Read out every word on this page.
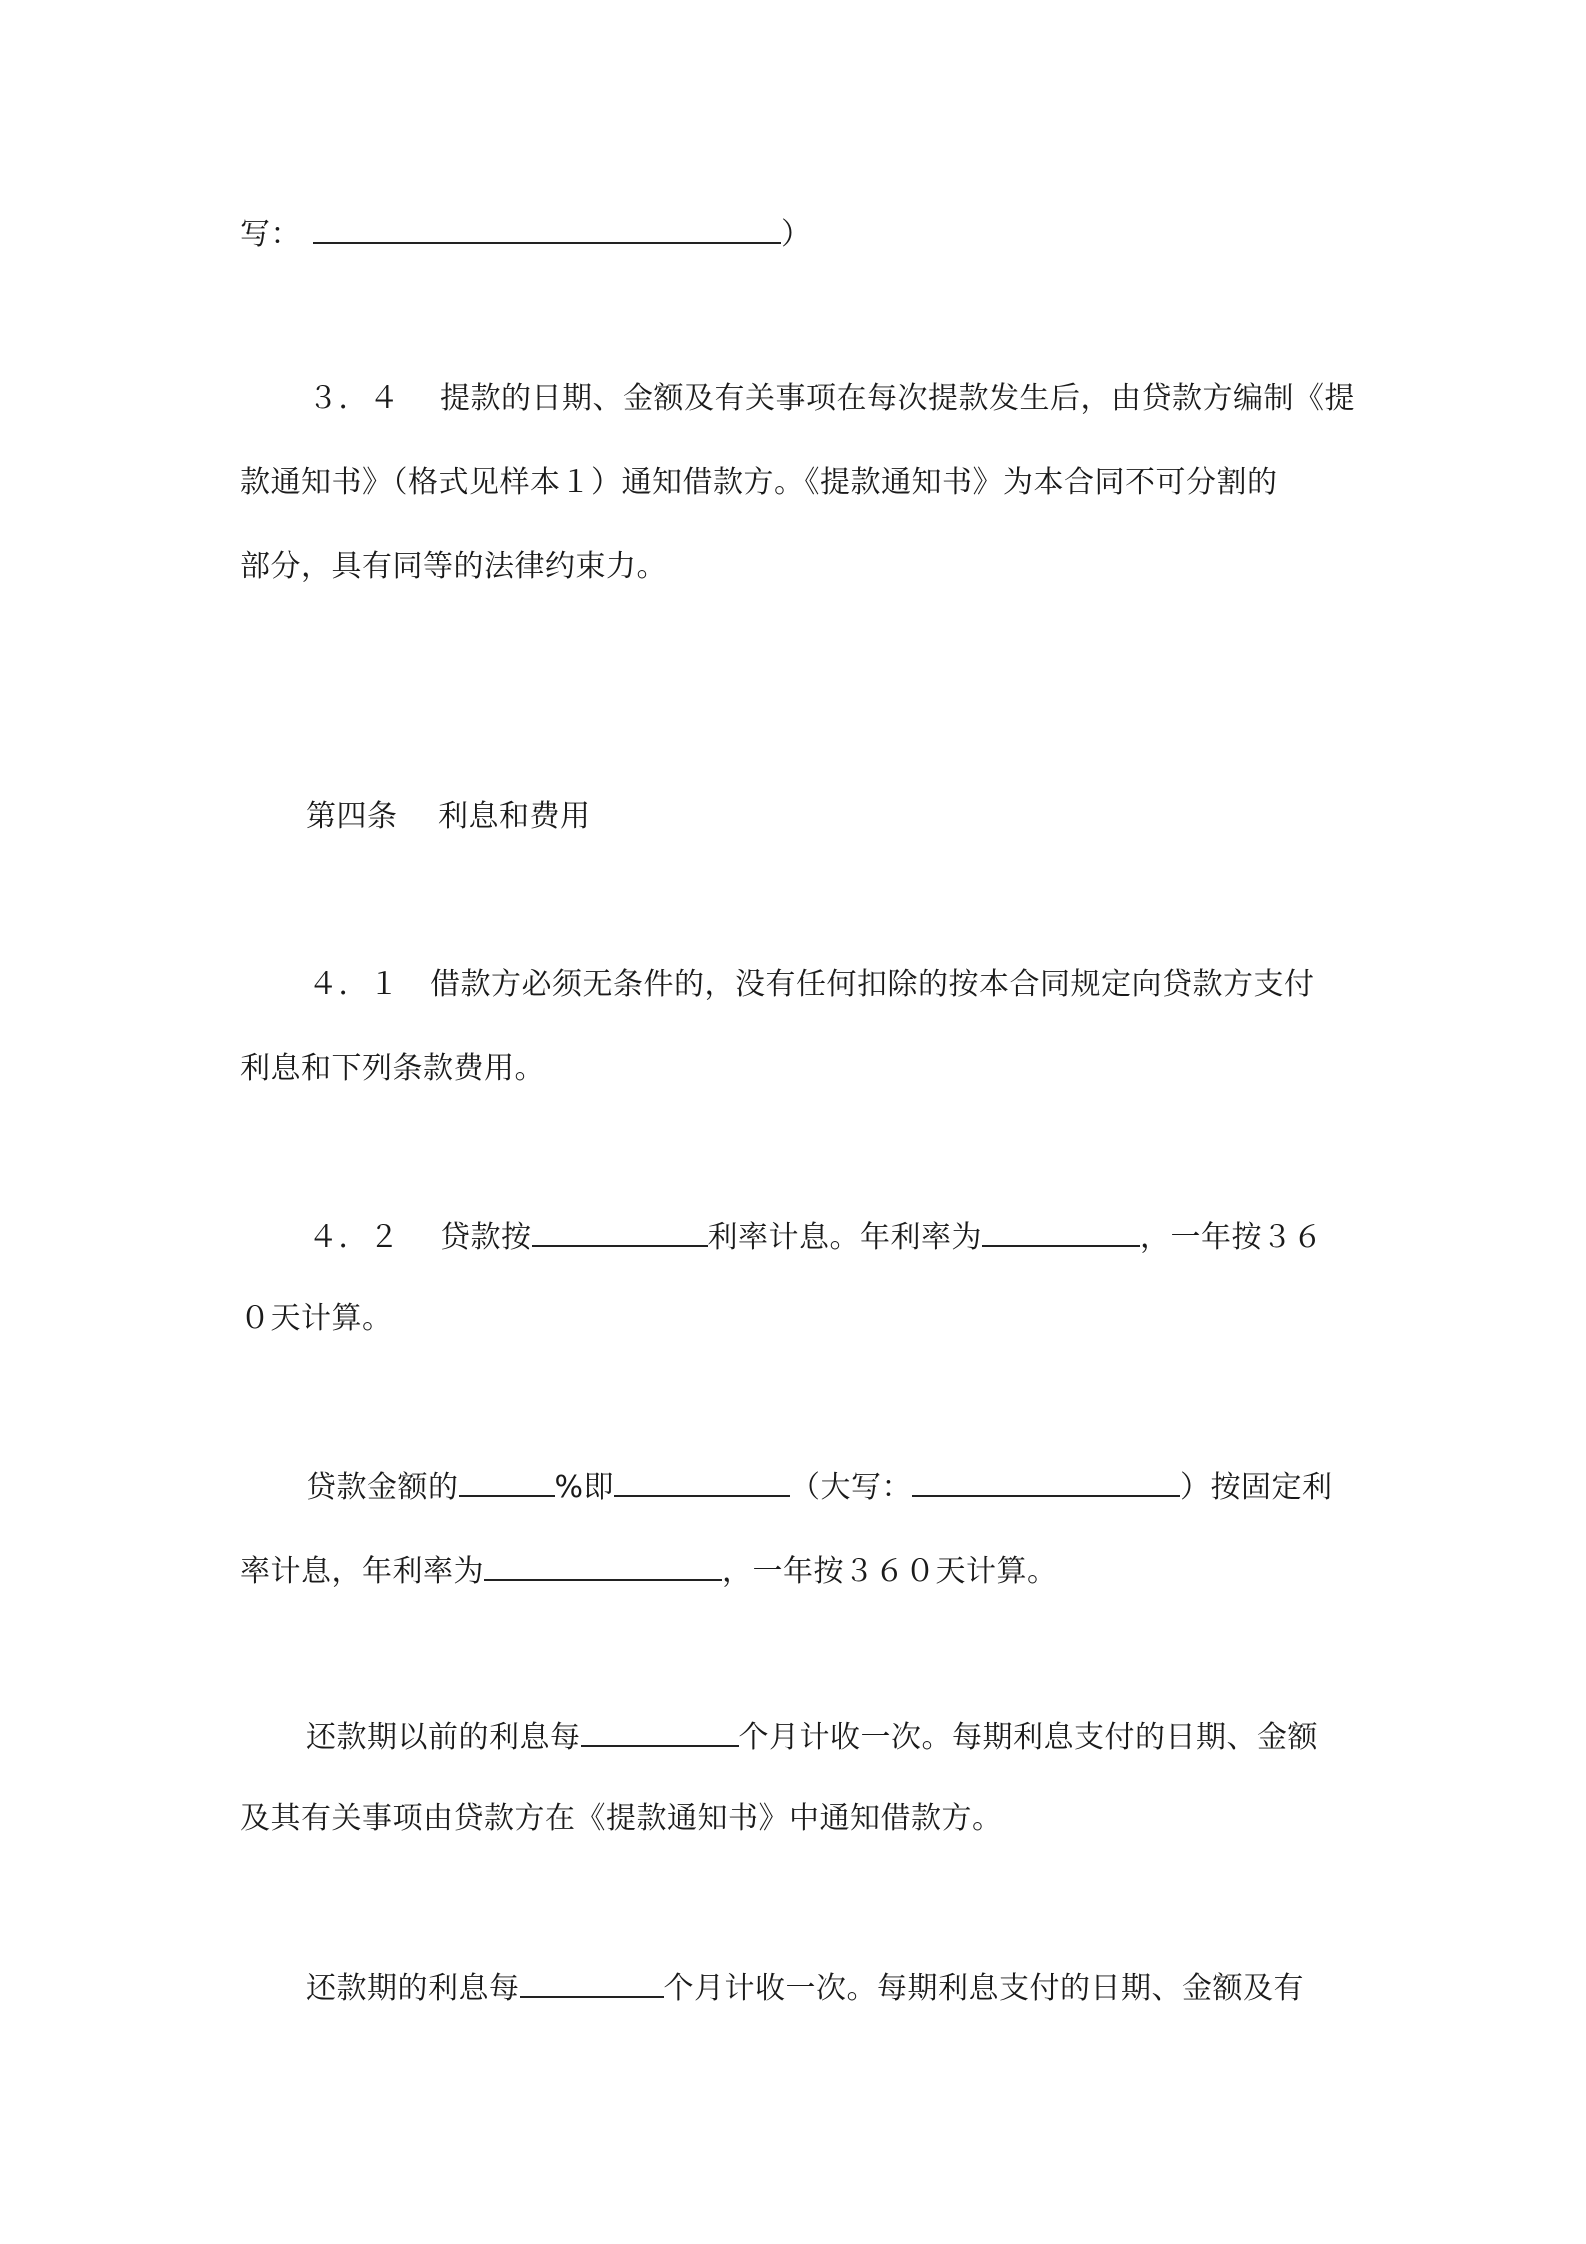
写：	）
３．４　 提款的日期、金额及有关事项在每次提款发生后，由贷款方编制《提
款通知书》（格式见样本１）通知借款方。《提款通知书》为本合同不可分割的
部分，具有同等的法律约束力。
第四条　 利息和费用
４．１　借款方必须无条件的，没有任何扣除的按本合同规定向贷款方支付
利息和下列条款费用。
４．２　 贷款按	利率计息。年利率为	，一年按３６
０天计算。
贷款金额的	%即	（大写：	）按固定利
率计息，年利率为	，一年按３６０天计算。
还款期以前的利息每	个月计收一次。每期利息支付的日期、金额
及其有关事项由贷款方在《提款通知书》中通知借款方。
还款期的利息每	个月计收一次。每期利息支付的日期、金额及有
